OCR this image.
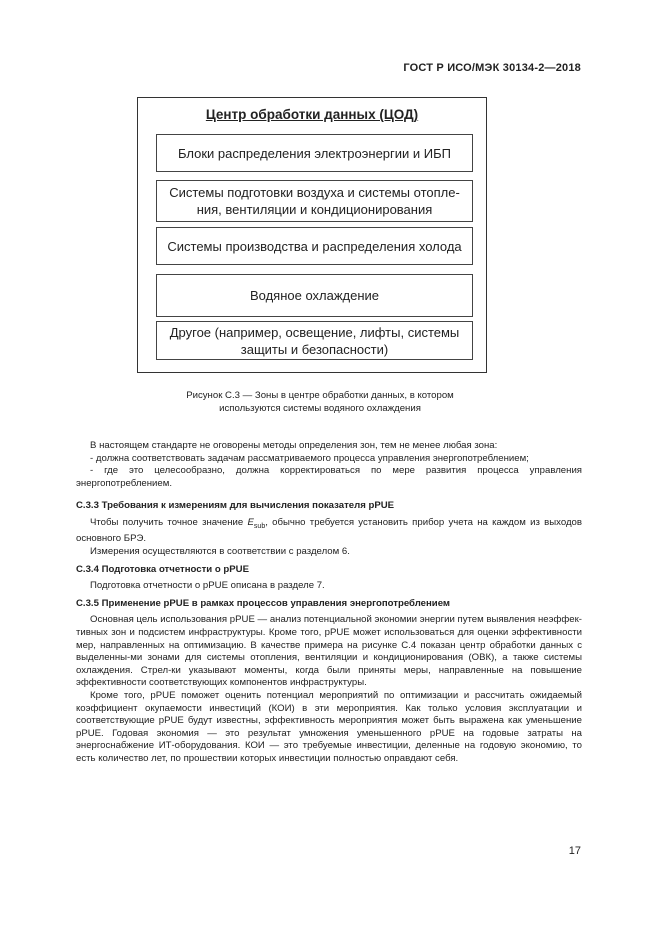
ГОСТ Р ИСО/МЭК 30134-2—2018
Центр обработки данных (ЦОД)
Блоки распределения электроэнергии и ИБП
Системы подготовки воздуха и системы отопле-ния, вентиляции и кондиционирования
Системы производства и распределения холода
Водяное охлаждение
Другое (например, освещение, лифты, системы защиты и безопасности)
Рисунок С.3 — Зоны в центре обработки данных, в котором
используются системы водяного охлаждения

В настоящем стандарте не оговорены методы определения зон, тем не менее любая зона:

- должна соответствовать задачам рассматриваемого процесса управления энергопотреблением;

- где это целесообразно, должна корректироваться по мере развития процесса управления энергопотреблением.

С.3.3 Требования к измерениям для вычисления показателя pPUE

Чтобы получить точное значение $E_{sub}$, обычно требуется установить прибор учета на каждом из выходов основного БРЭ.

Измерения осуществляются в соответствии с разделом 6.

С.3.4 Подготовка отчетности о pPUE

Подготовка отчетности о pPUE описана в разделе 7.

С.3.5 Применение pPUE в рамках процессов управления энергопотреблением

Основная цель использования pPUE — анализ потенциальной экономии энергии путем выявления неэффек-тивных зон и подсистем инфраструктуры. Кроме того, pPUE может использоваться для оценки эффективности мер, направленных на оптимизацию. В качестве примера на рисунке С.4 показан центр обработки данных с выделенны-ми зонами для системы отопления, вентиляции и кондиционирования (ОВК), а также системы охлаждения. Стрел-ки указывают моменты, когда были приняты меры, направленные на повышение эффективности соответствующих компонентов инфраструктуры.

Кроме того, pPUE поможет оценить потенциал мероприятий по оптимизации и рассчитать ожидаемый коэффициент окупаемости инвестиций (КОИ) в эти мероприятия. Как только условия эксплуатации и соответствующие pPUE будут известны, эффективность мероприятия может быть выражена как уменьшение pPUE. Годовая экономия — это результат умножения уменьшенного pPUE на годовые затраты на энергоснабжение ИТ-оборудования. КОИ — это требуемые инвестиции, деленные на годовую экономию, то есть количество лет, по прошествии которых инвестиции полностью оправдают себя.

17
